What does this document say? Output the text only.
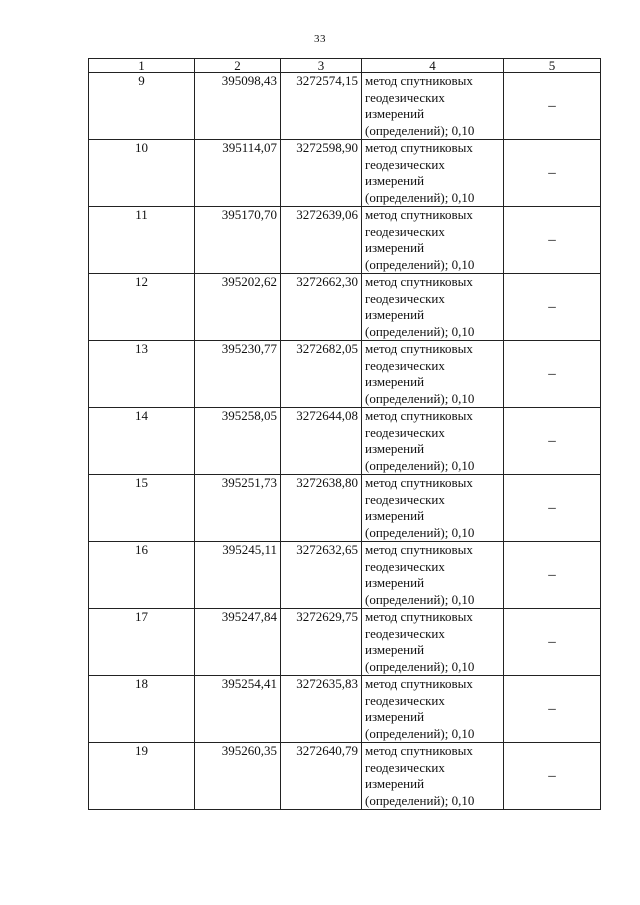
33
1	2	3	4	5
9	395098,43	3272574,15	метод спутниковых
геодезических
измерений
(определений); 0,10	–
10	395114,07	3272598,90	метод спутниковых
геодезических
измерений
(определений); 0,10	–
11	395170,70	3272639,06	метод спутниковых
геодезических
измерений
(определений); 0,10	–
12	395202,62	3272662,30	метод спутниковых
геодезических
измерений
(определений); 0,10	–
13	395230,77	3272682,05	метод спутниковых
геодезических
измерений
(определений); 0,10	–
14	395258,05	3272644,08	метод спутниковых
геодезических
измерений
(определений); 0,10	–
15	395251,73	3272638,80	метод спутниковых
геодезических
измерений
(определений); 0,10	–
16	395245,11	3272632,65	метод спутниковых
геодезических
измерений
(определений); 0,10	–
17	395247,84	3272629,75	метод спутниковых
геодезических
измерений
(определений); 0,10	–
18	395254,41	3272635,83	метод спутниковых
геодезических
измерений
(определений); 0,10	–
19	395260,35	3272640,79	метод спутниковых
геодезических
измерений
(определений); 0,10	–
